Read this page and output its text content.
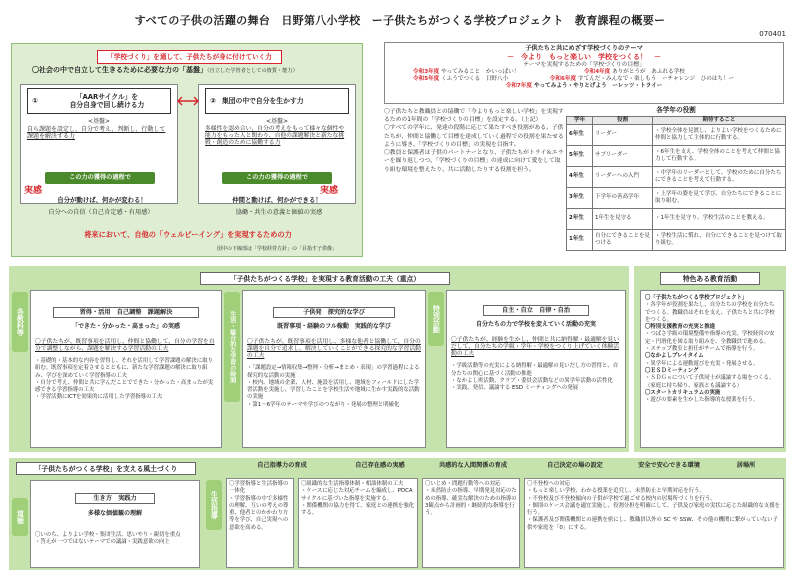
すべての子供の活躍の舞台　日野第八小学校　ー子供たちがつくる学校プロジェクト　教育課程の概要ー
070401
「学校づくり」を通して、子供たちが身に付けていく力
〇社会の中で自立して生きるために必要な力の「基盤」（自立した学習者としての資質・能力）
①
「AARサイクル」を
自分自身で回し続ける力
<基盤>
自ら課題を設定し、自分で考え、判断し、行動して課題を解決する力
② 集団の中で自分を生かす力
<基盤>
多様性を認め合い、自分の考えをもって様々な個性や能力をもった人と関わり、自他の課題解決と新たな挑戦・創造のために協働する力
この力の獲得の過程で	この力の獲得の過程で
実感	実感
自分が動けば、何かが変わる！
自分への自信（自己肯定感・有用感）
仲間と動けば、何かができる！
協働・共生の意義と価値の実感
将来において、自他の「ウェルビーイング」を実現するための力
図中の下線部は「学校経営方針」の「目指す子供像」
子供たちと共にめざす学校づくりのテーマ
－　今より　もっと楽しい　学校をつくる！　－
テーマを実現するための「学校づくりの目標」
令和3年度 やってみること　かいっぱい！	令和4年度 ありがとうが　あふれる学校
令和5年度 くふうでつくる　日野八小	令和6年度 すてんだ・みんなで・楽しもう　ーチャレンジ　ひのはち！ー
令和7年度 やってみよう・やりとげよう　ーレッツ・トライー

〇子供たちと教職員との協働で「今よりもっと楽しい学校」を実現するための1年間の「学校づくりの目標」を設定する。（上記）

〇すべての学年に、発達の段階に応じて果たすべき役割がある。子供たちが、仲間と協働して目標を達成していく過程での役割を果たせるように導き、「学校づくりの目標」の実現を目指す。

〇教員と保護者は子供のパートナーとなり、子供たちがトライ＆エラーを繰り返しつつ、「学校づくりの目標」の達成に向けて愛をして取り組む環境を整えたり、共に活動したりする役割を担う。

各学年の役割
学年	役割	期待すること
6年生	リーダー	・学校全体を見渡し、よりよい学校をつくるために仲間と協力して主体的に行動する。
5年生	サブリーダー	・6年生を支え、学校全体のことを考えて仲間と協力して行動する。
4年生	リーダーへの入門	・中学年のリーダーとして、学校のために自分たちにできることを考えて行動する。
3年生	下学年の善高学年	・上学年の姿を見て学び、自分たちにできることに取り組む。
2年生	1年生を見守る	・1年生を見守り、学校生活のことを教える。
1年生	自分にできることを見つける	・学校生活に慣れ、自分にできることを見つけて取り組む。
「子供たちがつくる学校」を実現する教育活動の工夫（重点）
各教科等	習得・活用　自己調整　課題解決
「できた・分かった・高まった」の実感
〇子供たちが、既習事項を活用し、仲間と協働して、自分の学習を自分で調整しながら、課題を解決する学習活動の工夫
・基礎的・基本的な内容を習得し、それを活用して学習課題の解決に取り組む。既習事項を定着させるとともに、新たな学習課題の解決に取り組み、学びを深めていく学習指導の工夫
・自分で考え、仲間と共に学んだことでできた・分かった・高まったが実感できる学習指導の工夫
・学習活動にICTを効果的に活用した学習指導の工夫
生活・総合的な学習の時間	子供発　探究的な学び
既習事項・経験のフル稼動　実践的な学び
〇子供たちが、既習事項を活用し、多様な他者と協働して、自分の課題を自分で追求し、解決していくことができる探究的な学習活動の工夫
・「課題設定→情報収集→整理・分析→まとめ・表現」の学習過程による探究的な活動の実施
・校内、地域の企業、人材、施設を活用し、地域をフィールドにした学習活動を実施し、学習したことを学校生活や地域に生かす実践的な活動の実施
・第1～6学年のテーマや学びのつながり・発展の整理と明確化
特別活動	自主・自立　自律・自治
自分たちの力で学校を変えていく活動の充実
〇子供たちが、経験を生かし、仲間と共に納得解・最適解を見いだして、自分たちの学級・学年・学校をつくり上げていく体験活動の工夫
・学級活動等の充実による納得解・最適解の見いだし方の習得と、自分たちの関心に基づく活動の推進
・なかよし班活動、クラブ・委員会活動などの異学年活動の活性化
・実践、発信、議論する ESD ミーティングへの発展
特色ある教育活動
〇「子供たちがつくる学校プロジェクト」
・各学年が役割を果たし、自分たちの学校を自分たちでつくる。教職員はそれを支え、子供たちと共に学校をつくる。
〇特別支援教育の充実と推進
・つばさ学級の環境整備や指導の充実、学校経営の安定・円滑化を図る取り組みを、全教職員で進める。
・ステップ教室と担任がチームで指導を行う。
〇なかよしプレイタイム
・異学年による運動遊びを充実・発展させる。
〇ＥＳＤミーティング
・ＳＤＧｓについて子供同士が議論する場をつくる。（家庭に持ち帰り、家族とも議論する）
〇スタートカリキュラムの実施
・遊びの要素を生かした指導的な授業を行う。
「子供たちがつくる学校」を支える風土づくり
道徳
生き方　実践力
多様な価値観の理解
〇いのち、よりよい学校・集団生活、思いやり・親切を重点
・答えが一つではないテーマでの議論・実践意欲の向上
生活指導
自己指導力の育成
〇学習指導と生活指導の一体化
・学習指導の中で多様性の理解、互いの考えの尊重、他者とのかかわり方等を学び、自己実現への意欲を高める。
自己存在感の実感
〇組織的な生活指導体制・相談体制の工夫
・ケースに応じた対応チームを編成し、PDCAサイクルに基づいた指導を実施する。
・関係機関の協力を得て、家庭との連携を強化する。
共感的な人間関係の育成
〇いじめ・問題行動等への対応
・未然防止の指導、早期発見対応のための指導、確実な解決のための指導の3観点から計画的・継続的な指導を行う。
自己決定の場の設定	安全で安心できる環境	居場所
〇不登校への対応
・もっと楽しい学校、わかる授業を追究し、未然防止と早期対応を行う。
・不登校及び不登校傾向の子供が学校で過ごせる校内の居場所づくりを行う。
・個別のケース会議を適宜実施し、役割分担を明確にして、子供及び家庭の実状に応じた組織的な支援を行う。
・保護者及び関係機関との連携を密にし、教職員以外の SC や SSW、その他の機関に繋がっていない子供や家庭を「0」にする。
